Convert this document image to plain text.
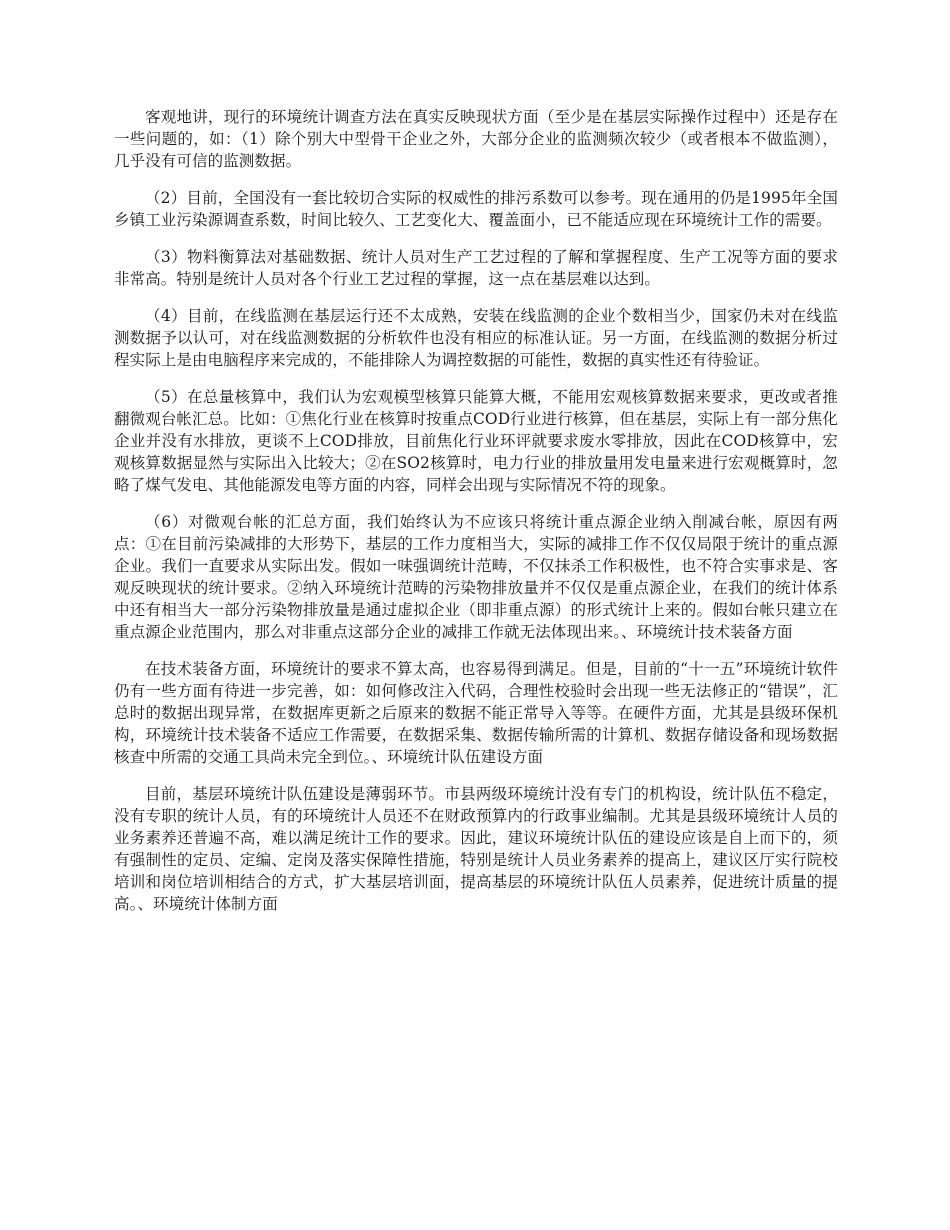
客观地讲，现行的环境统计调查方法在真实反映现状方面（至少是在基层实际操作过程中）还是存在一些问题的，如：（1）除个别大中型骨干企业之外，大部分企业的监测频次较少（或者根本不做监测），几乎没有可信的监测数据。

（2）目前，全国没有一套比较切合实际的权威性的排污系数可以参考。现在通用的仍是1995年全国乡镇工业污染源调查系数，时间比较久、工艺变化大、覆盖面小，已不能适应现在环境统计工作的需要。

（3）物料衡算法对基础数据、统计人员对生产工艺过程的了解和掌握程度、生产工况等方面的要求非常高。特别是统计人员对各个行业工艺过程的掌握，这一点在基层难以达到。

（4）目前，在线监测在基层运行还不太成熟，安装在线监测的企业个数相当少，国家仍未对在线监测数据予以认可，对在线监测数据的分析软件也没有相应的标准认证。另一方面，在线监测的数据分析过程实际上是由电脑程序来完成的，不能排除人为调控数据的可能性，数据的真实性还有待验证。

（5）在总量核算中，我们认为宏观模型核算只能算大概，不能用宏观核算数据来要求，更改或者推翻微观台帐汇总。比如：①焦化行业在核算时按重点COD行业进行核算，但在基层，实际上有一部分焦化企业并没有水排放，更谈不上COD排放，目前焦化行业环评就要求废水零排放，因此在COD核算中，宏观核算数据显然与实际出入比较大；②在SO2核算时，电力行业的排放量用发电量来进行宏观概算时，忽略了煤气发电、其他能源发电等方面的内容，同样会出现与实际情况不符的现象。

（6）对微观台帐的汇总方面，我们始终认为不应该只将统计重点源企业纳入削减台帐，原因有两点：①在目前污染减排的大形势下，基层的工作力度相当大，实际的减排工作不仅仅局限于统计的重点源企业。我们一直要求从实际出发。假如一味强调统计范畴，不仅抹杀工作积极性，也不符合实事求是、客观反映现状的统计要求。②纳入环境统计范畴的污染物排放量并不仅仅是重点源企业，在我们的统计体系中还有相当大一部分污染物排放量是通过虚拟企业（即非重点源）的形式统计上来的。假如台帐只建立在重点源企业范围内，那么对非重点这部分企业的减排工作就无法体现出来。、环境统计技术装备方面

在技术装备方面，环境统计的要求不算太高，也容易得到满足。但是，目前的“十一五”环境统计软件仍有一些方面有待进一步完善，如：如何修改注入代码，合理性校验时会出现一些无法修正的“错误”，汇总时的数据出现异常，在数据库更新之后原来的数据不能正常导入等等。在硬件方面，尤其是县级环保机构，环境统计技术装备不适应工作需要，在数据采集、数据传输所需的计算机、数据存储设备和现场数据核查中所需的交通工具尚未完全到位。、环境统计队伍建设方面

目前，基层环境统计队伍建设是薄弱环节。市县两级环境统计没有专门的机构设，统计队伍不稳定，没有专职的统计人员，有的环境统计人员还不在财政预算内的行政事业编制。尤其是县级环境统计人员的业务素养还普遍不高，难以满足统计工作的要求。因此，建议环境统计队伍的建设应该是自上而下的，须有强制性的定员、定编、定岗及落实保障性措施，特别是统计人员业务素养的提高上，建议区厅实行院校培训和岗位培训相结合的方式，扩大基层培训面，提高基层的环境统计队伍人员素养，促进统计质量的提高。、环境统计体制方面
